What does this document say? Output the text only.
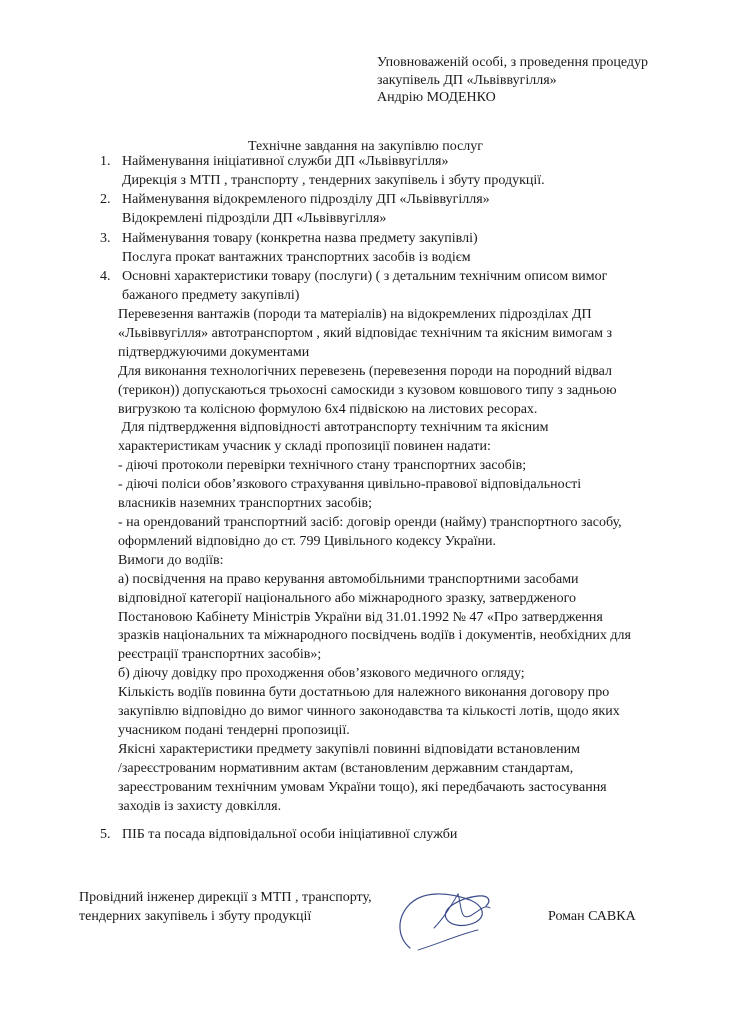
Уповноваженій особі, з проведення процедур
закупівель ДП «Львіввугілля»
Андрію МОДЕНКО
Технічне завдання на закупівлю послуг
1. Найменування ініціативної служби ДП «Львіввугілля»
Дирекція з МТП , транспорту , тендерних закупівель і збуту продукції.
2. Найменування відокремленого підрозділу ДП «Львіввугілля»
Відокремлені підрозділи ДП «Львіввугілля»
3. Найменування товару (конкретна назва предмету закупівлі)
Послуга прокат вантажних транспортних засобів із водієм
4. Основні характеристики товару (послуги) ( з детальним технічним описом вимог
бажаного предмету закупівлі)
Перевезення вантажів (породи та матеріалів) на відокремлених підрозділах ДП
«Львіввугілля» автотранспортом , який відповідає технічним та якісним вимогам з
підтверджуючими документами
Для виконання технологічних перевезень (перевезення породи на породний відвал
(терикон)) допускаються трьохосні самоскиди з кузовом ковшового типу з задньою
вигрузкою та колісною формулою 6х4 підвіскою на листових ресорах.
Для підтвердження відповідності автотранспорту технічним та якісним
характеристикам учасник у складі пропозиції повинен надати:
- діючі протоколи перевірки технічного стану транспортних засобів;
- діючі поліси обов’язкового страхування цивільно-правової відповідальності
власників наземних транспортних засобів;
- на орендований транспортний засіб: договір оренди (найму) транспортного засобу,
оформлений відповідно до ст. 799 Цивільного кодексу України.
Вимоги до водіїв:
а) посвідчення на право керування автомобільними транспортними засобами
відповідної категорії національного або міжнародного зразку, затвердженого
Постановою Кабінету Міністрів України від 31.01.1992 № 47 «Про затвердження
зразків національних та міжнародного посвідчень водіїв і документів, необхідних для
реєстрації транспортних засобів»;
б) діючу довідку про проходження обов’язкового медичного огляду;
Кількість водіїв повинна бути достатньою для належного виконання договору про
закупівлю відповідно до вимог чинного законодавства та кількості лотів, щодо яких
учасником подані тендерні пропозиції.
Якісні характеристики предмету закупівлі повинні відповідати встановленим
/зареєстрованим нормативним актам (встановленим державним стандартам,
зареєстрованим технічним умовам України тощо), які передбачають застосування
заходів із захисту довкілля.
5. ПІБ та посада відповідальної особи ініціативної служби
Провідний інженер дирекції з МТП , транспорту,
тендерних закупівель і збуту продукції	Роман САВКА
